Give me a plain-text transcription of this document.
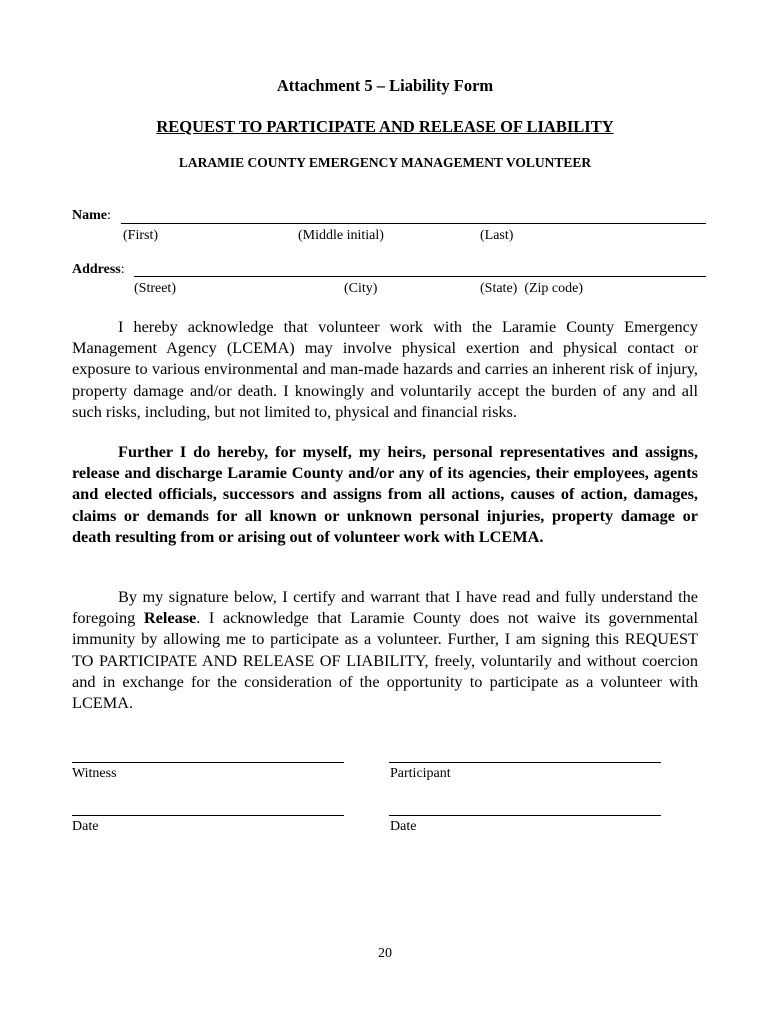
Attachment 5 – Liability Form
REQUEST TO PARTICIPATE AND RELEASE OF LIABILITY
LARAMIE COUNTY EMERGENCY MANAGEMENT VOLUNTEER
Name:
(First)	(Middle initial)	(Last)
Address:
(Street)	(City)	(State)  (Zip code)

I hereby acknowledge that volunteer work with the Laramie County Emergency Management Agency (LCEMA) may involve physical exertion and physical contact or exposure to various environmental and man-made hazards and carries an inherent risk of injury, property damage and/or death. I knowingly and voluntarily accept the burden of any and all such risks, including, but not limited to, physical and financial risks.

Further I do hereby, for myself, my heirs, personal representatives and assigns, release and discharge Laramie County and/or any of its agencies, their employees, agents and elected officials, successors and assigns from all actions, causes of action, damages, claims or demands for all known or unknown personal injuries, property damage or death resulting from or arising out of volunteer work with LCEMA.

By my signature below, I certify and warrant that I have read and fully understand the foregoing Release. I acknowledge that Laramie County does not waive its governmental immunity by allowing me to participate as a volunteer. Further, I am signing this REQUEST TO PARTICIPATE AND RELEASE OF LIABILITY, freely, voluntarily and without coercion and in exchange for the consideration of the opportunity to participate as a volunteer with LCEMA.

Witness	Participant
Date	Date
20
